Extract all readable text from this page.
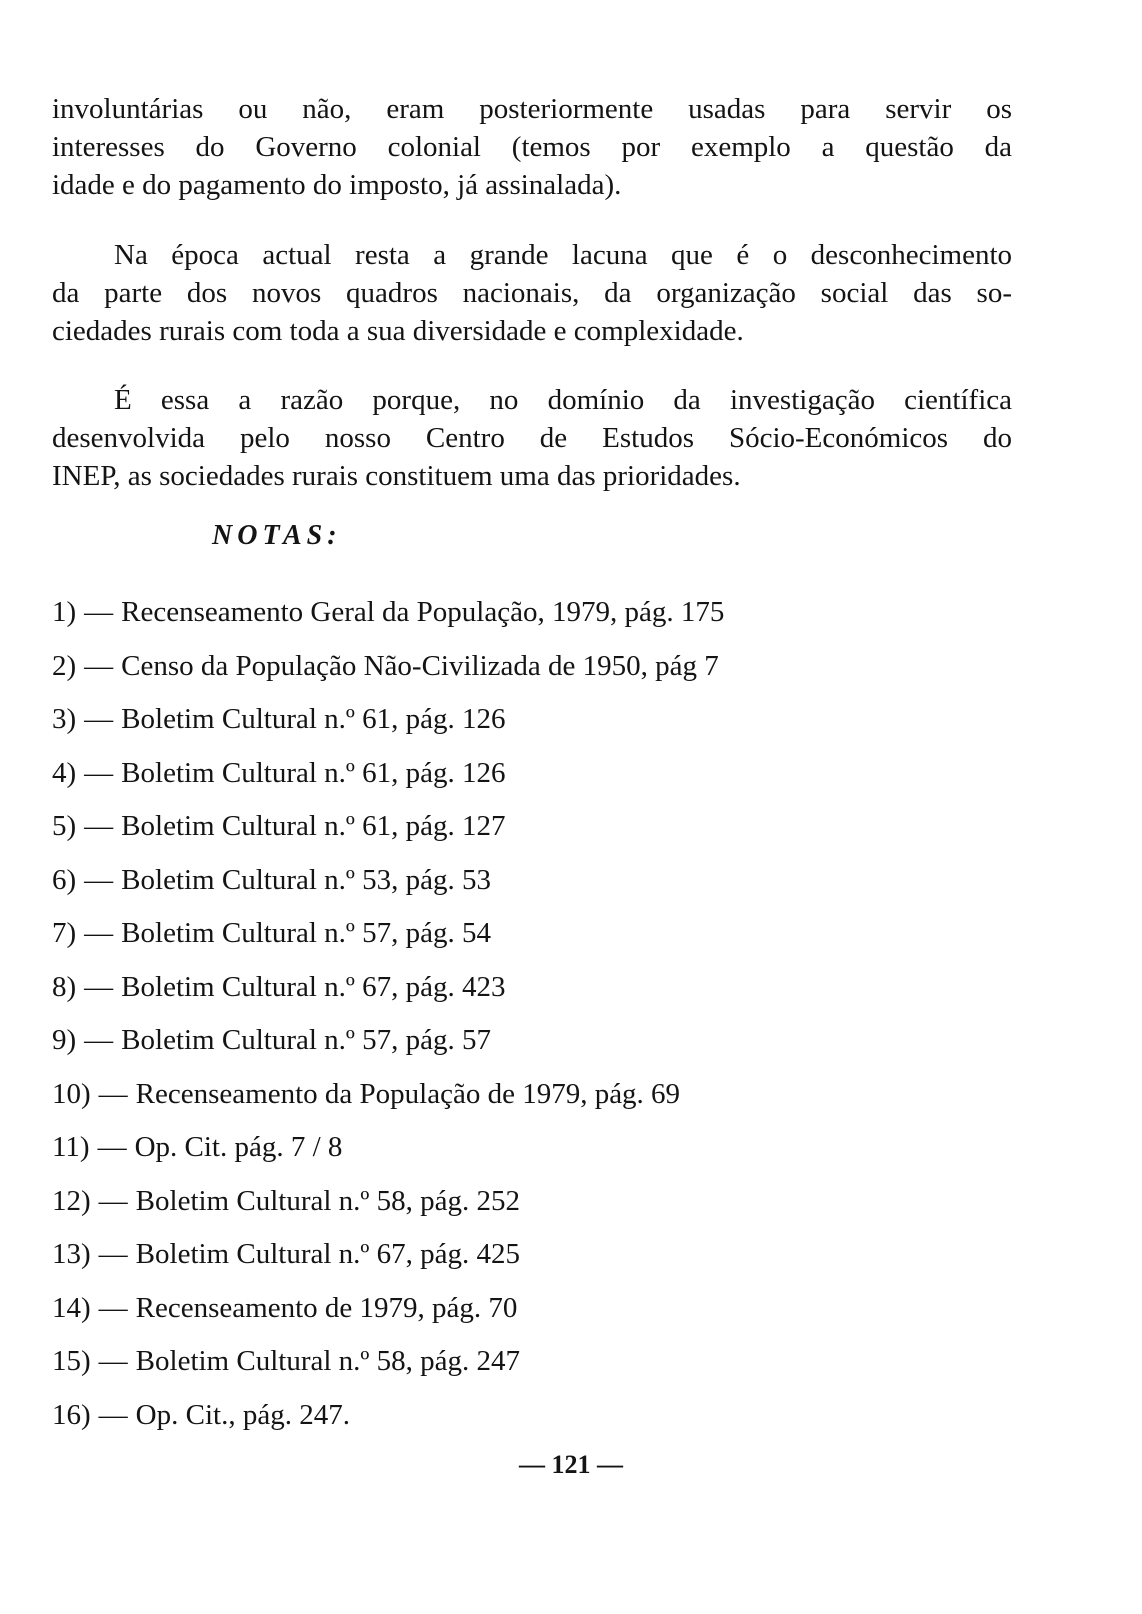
involuntárias ou não, eram posteriormente usadas para servir os
interesses do Governo colonial (temos por exemplo a questão da
idade e do pagamento do imposto, já assinalada).

Na época actual resta a grande lacuna que é o desconhecimento
da parte dos novos quadros nacionais, da organização social das so-
ciedades rurais com toda a sua diversidade e complexidade.

É essa a razão porque, no domínio da investigação científica
desenvolvida pelo nosso Centro de Estudos Sócio-Económicos do
INEP, as sociedades rurais constituem uma das prioridades.

NOTAS:
1) — Recenseamento Geral da População, 1979, pág. 175
2) — Censo da População Não-Civilizada de 1950, pág 7
3) — Boletim Cultural n.º 61, pág. 126
4) — Boletim Cultural n.º 61, pág. 126
5) — Boletim Cultural n.º 61, pág. 127
6) — Boletim Cultural n.º 53, pág. 53
7) — Boletim Cultural n.º 57, pág. 54
8) — Boletim Cultural n.º 67, pág. 423
9) — Boletim Cultural n.º 57, pág. 57
10) — Recenseamento da População de 1979, pág. 69
11) — Op. Cit. pág. 7 / 8
12) — Boletim Cultural n.º 58, pág. 252
13) — Boletim Cultural n.º 67, pág. 425
14) — Recenseamento de 1979, pág. 70
15) — Boletim Cultural n.º 58, pág. 247
16) — Op. Cit., pág. 247.
— 121 —
